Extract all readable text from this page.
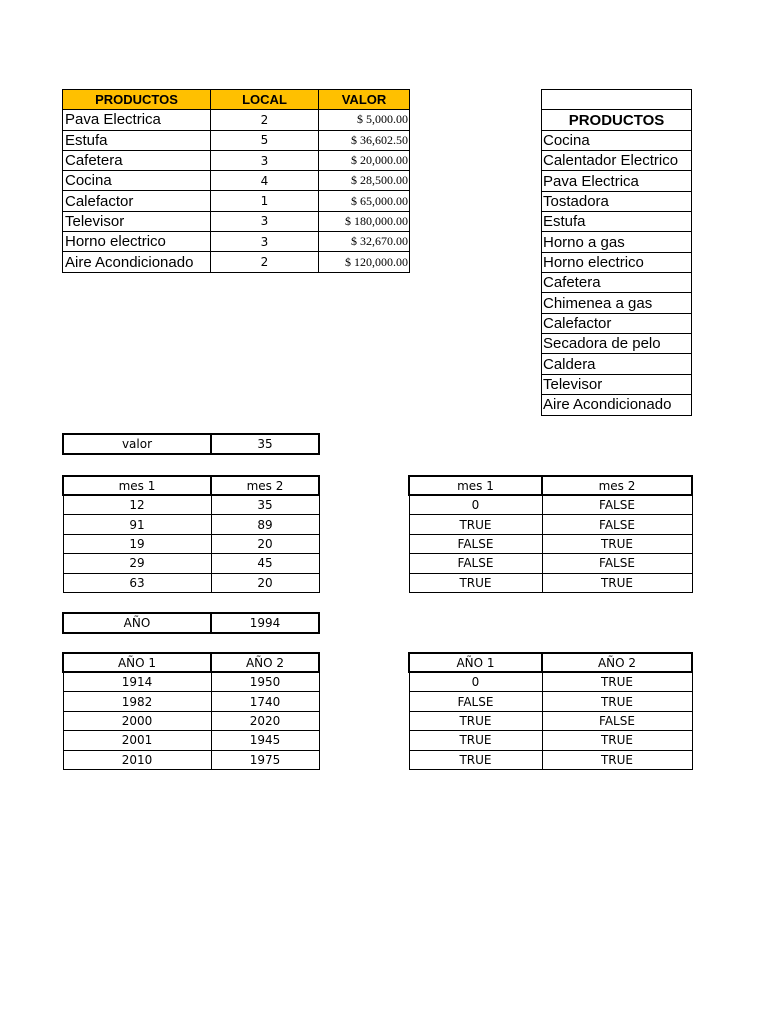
PRODUCTOS	LOCAL	VALOR
Pava Electrica	2	$ 5,000.00
Estufa	5	$ 36,602.50
Cafetera	3	$ 20,000.00
Cocina	4	$ 28,500.00
Calefactor	1	$ 65,000.00
Televisor	3	$ 180,000.00
Horno electrico	3	$ 32,670.00
Aire Acondicionado	2	$ 120,000.00

PRODUCTOS
Cocina
Calentador Electrico
Pava Electrica
Tostadora
Estufa
Horno a gas
Horno electrico
Cafetera
Chimenea a gas
Calefactor
Secadora de pelo
Caldera
Televisor
Aire Acondicionado
valor	35
mes 1	mes 2
12	35
91	89
19	20
29	45
63	20
mes 1	mes 2
0	FALSE
TRUE	FALSE
FALSE	TRUE
FALSE	FALSE
TRUE	TRUE
AÑO	1994
AÑO 1	AÑO 2
1914	1950
1982	1740
2000	2020
2001	1945
2010	1975
AÑO 1	AÑO 2
0	TRUE
FALSE	TRUE
TRUE	FALSE
TRUE	TRUE
TRUE	TRUE
